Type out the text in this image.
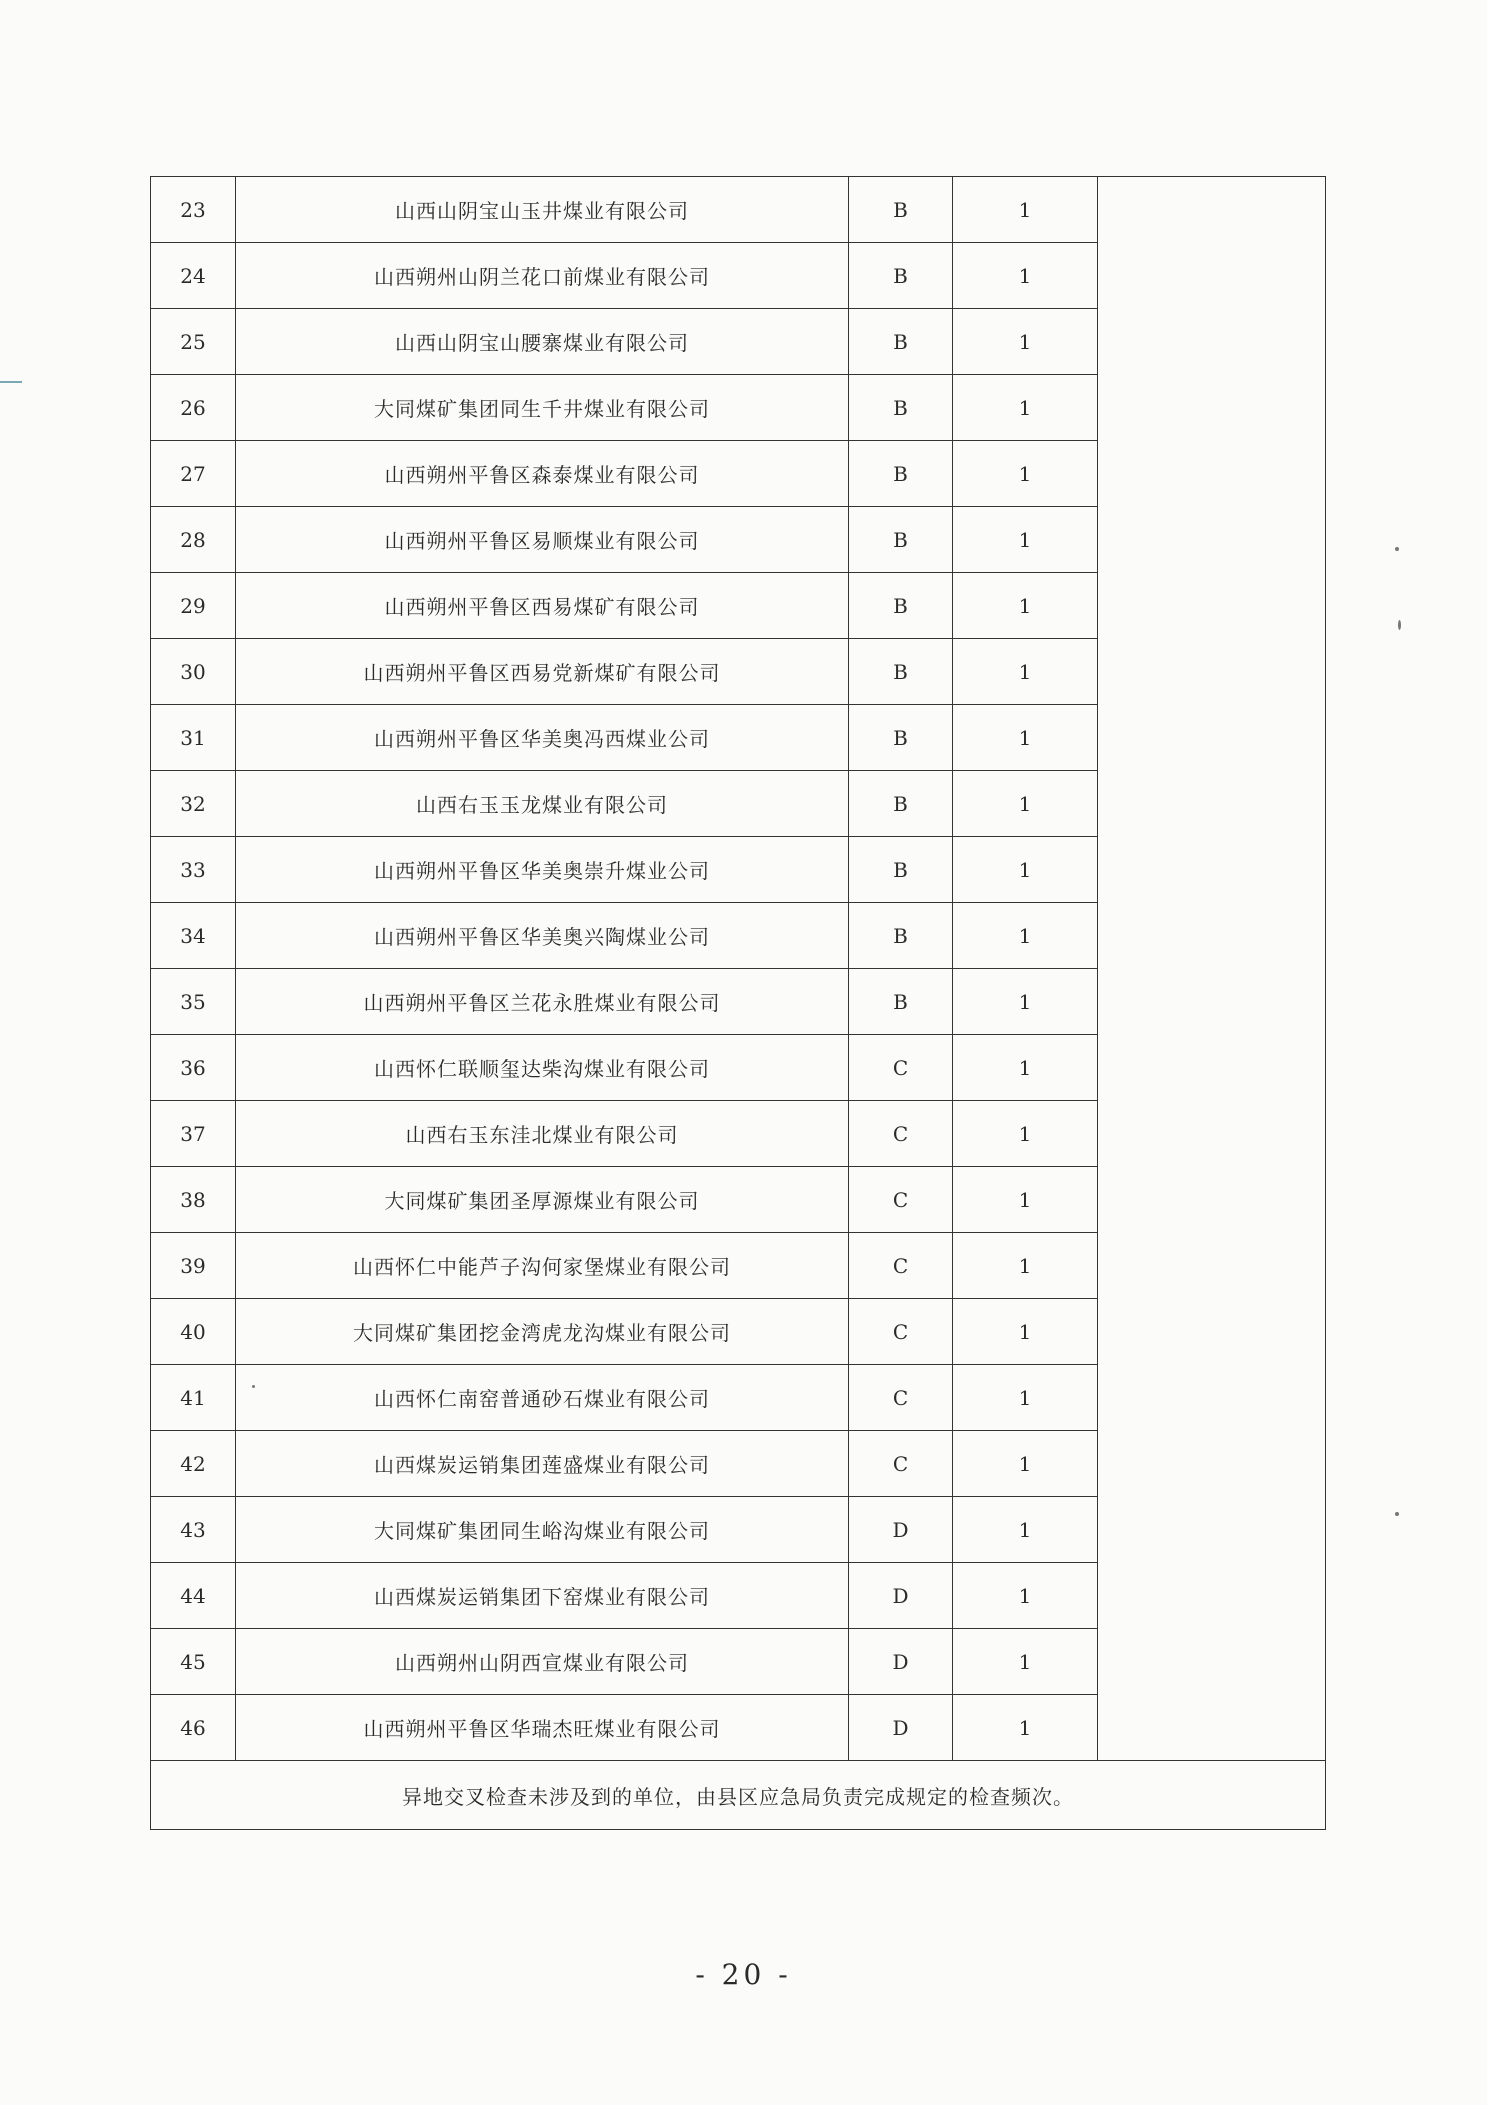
23	山西山阴宝山玉井煤业有限公司	B	1	
24	山西朔州山阴兰花口前煤业有限公司	B	1	
25	山西山阴宝山腰寨煤业有限公司	B	1	
26	大同煤矿集团同生千井煤业有限公司	B	1	
27	山西朔州平鲁区森泰煤业有限公司	B	1	
28	山西朔州平鲁区易顺煤业有限公司	B	1	
29	山西朔州平鲁区西易煤矿有限公司	B	1	
30	山西朔州平鲁区西易党新煤矿有限公司	B	1	
31	山西朔州平鲁区华美奥冯西煤业公司	B	1	
32	山西右玉玉龙煤业有限公司	B	1	
33	山西朔州平鲁区华美奥崇升煤业公司	B	1	
34	山西朔州平鲁区华美奥兴陶煤业公司	B	1	
35	山西朔州平鲁区兰花永胜煤业有限公司	B	1	
36	山西怀仁联顺玺达柴沟煤业有限公司	C	1	
37	山西右玉东洼北煤业有限公司	C	1	
38	大同煤矿集团圣厚源煤业有限公司	C	1	
39	山西怀仁中能芦子沟何家堡煤业有限公司	C	1	
40	大同煤矿集团挖金湾虎龙沟煤业有限公司	C	1	
41	山西怀仁南窑普通砂石煤业有限公司	C	1	
42	山西煤炭运销集团莲盛煤业有限公司	C	1	
43	大同煤矿集团同生峪沟煤业有限公司	D	1	
44	山西煤炭运销集团下窑煤业有限公司	D	1	
45	山西朔州山阴西宣煤业有限公司	D	1	
46	山西朔州平鲁区华瑞杰旺煤业有限公司	D	1	
异地交叉检查未涉及到的单位，由县区应急局负责完成规定的检查频次。				
- 20 -
